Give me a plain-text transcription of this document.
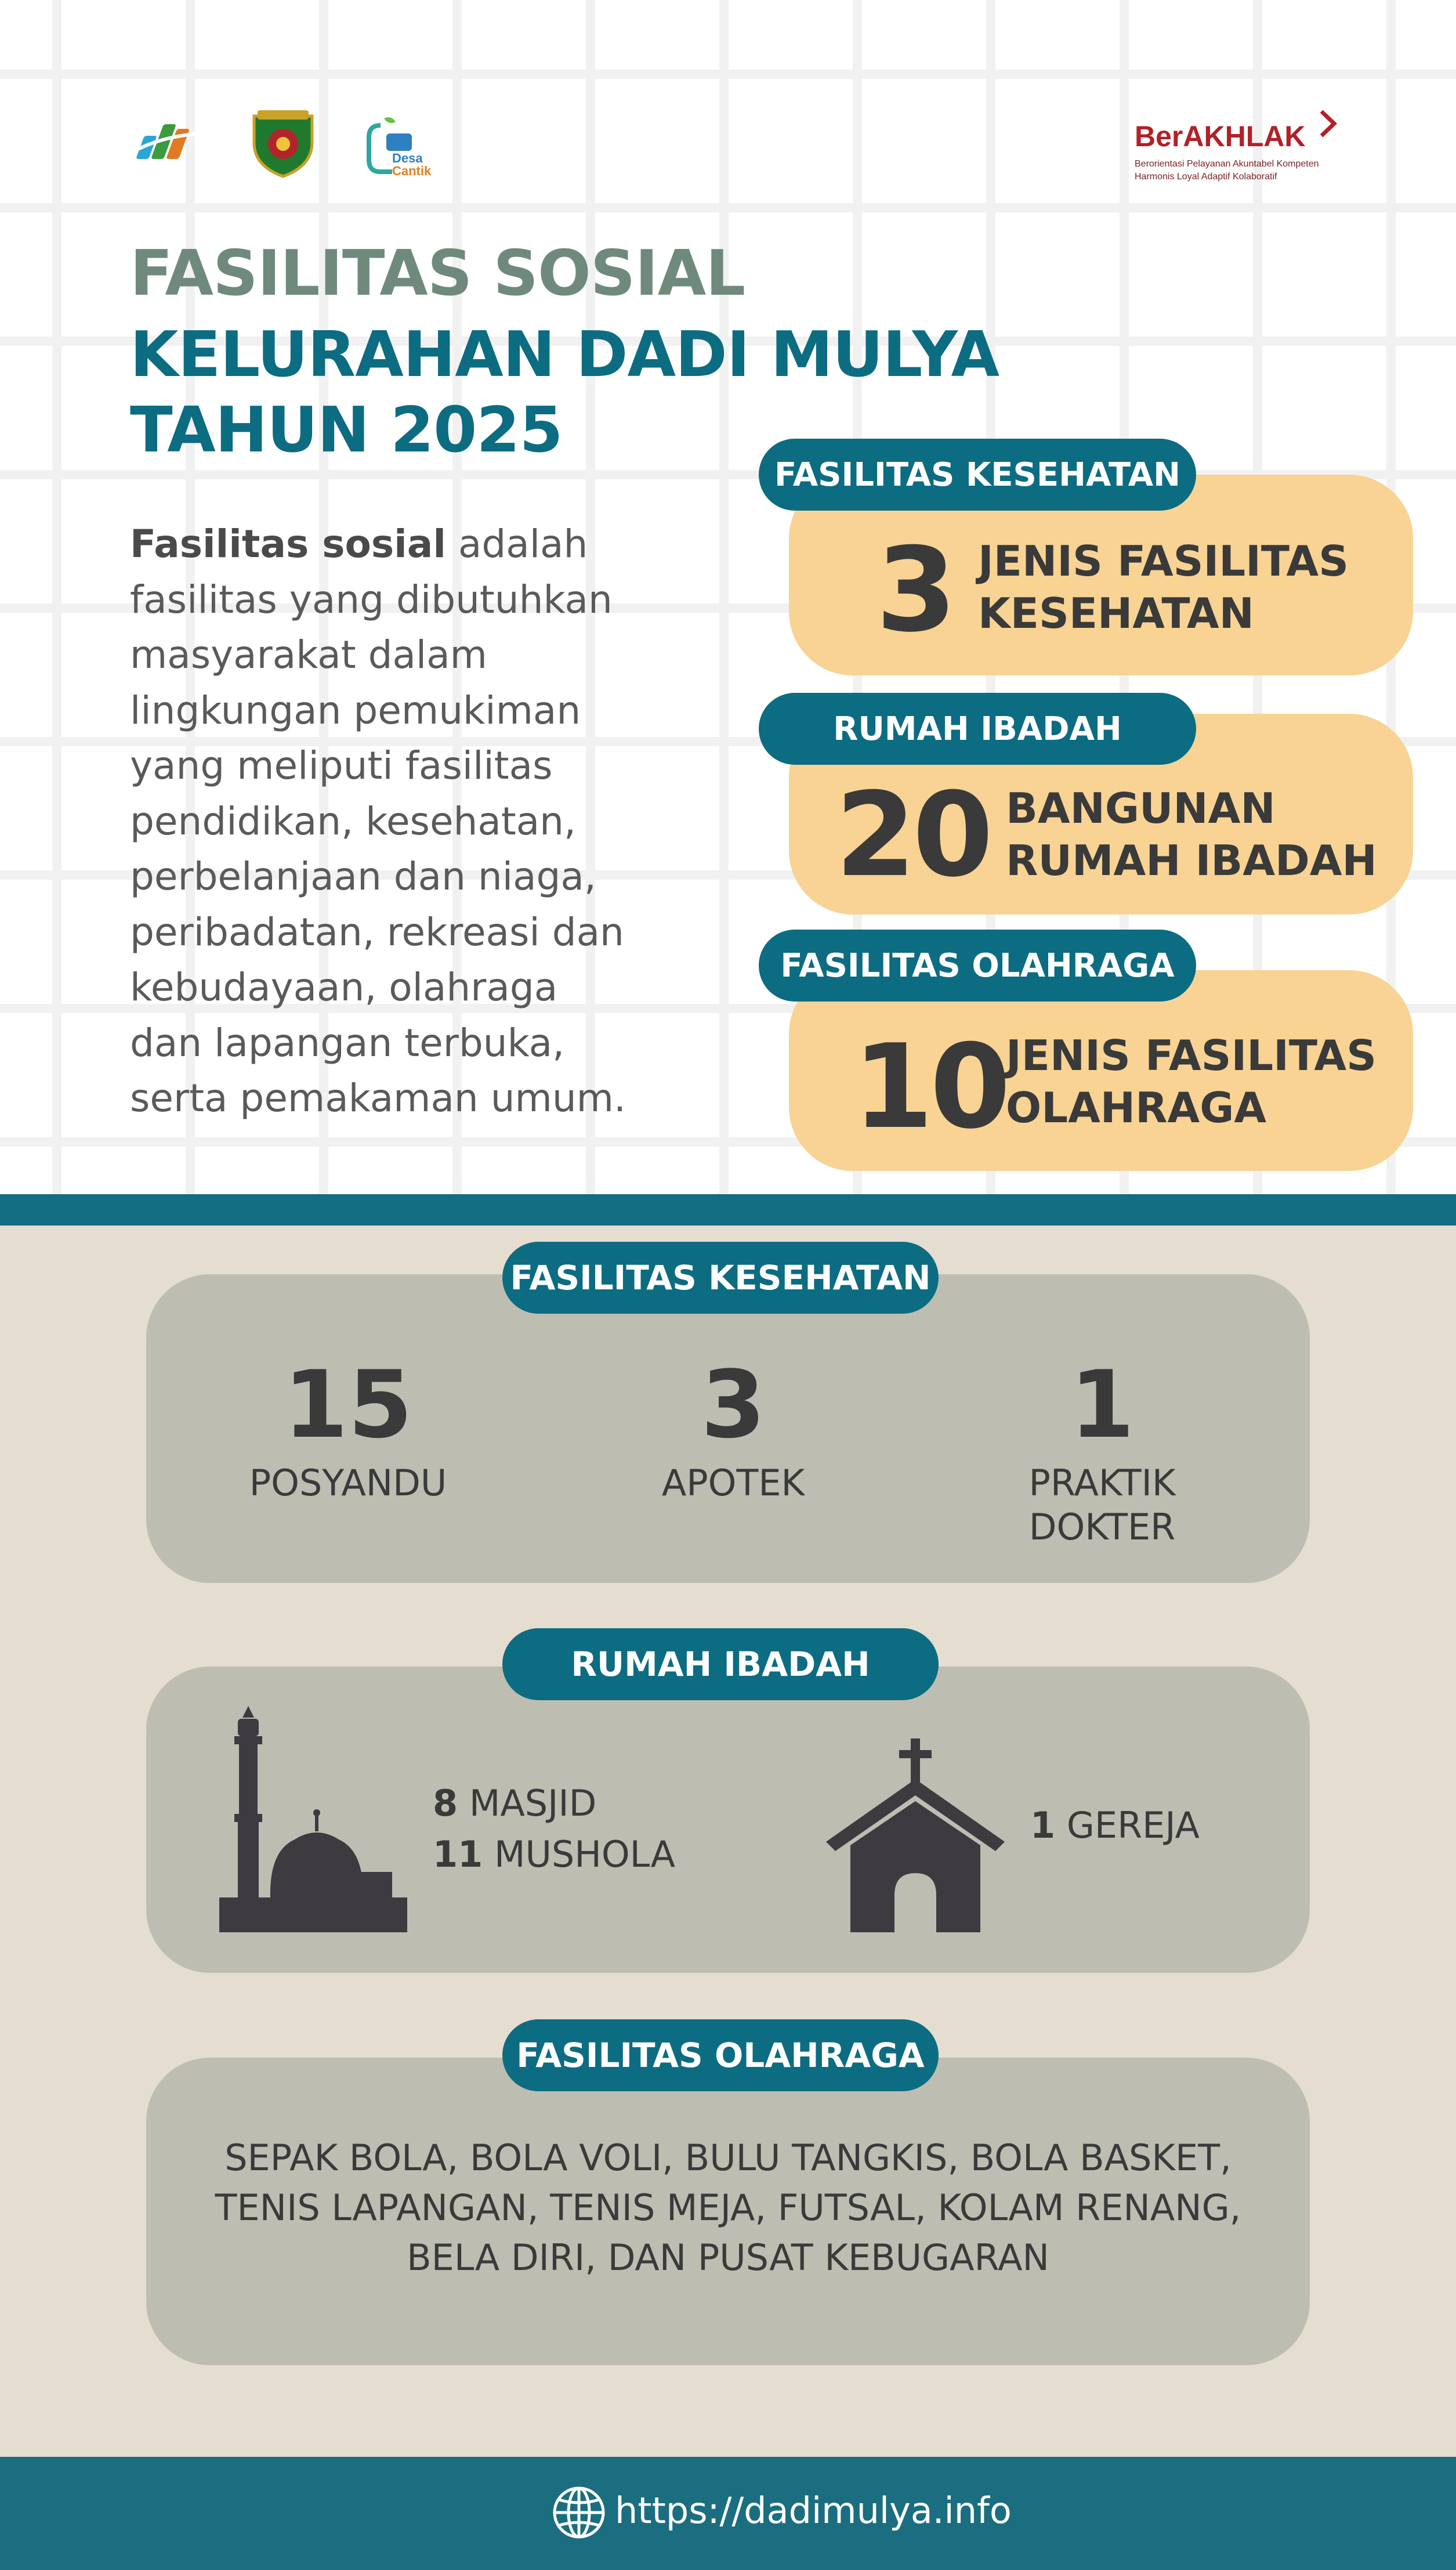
Desa
Cantik
BerAKHLAK
Berorientasi Pelayanan Akuntabel Kompeten
Harmonis Loyal Adaptif Kolaboratif
FASILITAS SOSIAL
KELURAHAN DADI MULYA
TAHUN 2025
Fasilitas sosial adalah
fasilitas yang dibutuhkan
masyarakat dalam
lingkungan pemukiman
yang meliputi fasilitas
pendidikan, kesehatan,
perbelanjaan dan niaga,
peribadatan, rekreasi dan
kebudayaan, olahraga
dan lapangan terbuka,
serta pemakaman umum.
FASILITAS KESEHATAN
3 JENIS FASILITAS
KESEHATAN
RUMAH IBADAH
20 BANGUNAN
RUMAH IBADAH
FASILITAS OLAHRAGA
10
JENIS FASILITAS
OLAHRAGA
FASILITAS KESEHATAN
15
POSYANDU
3
APOTEK
1
PRAKTIK
DOKTER
RUMAH IBADAH
8 MASJID
11 MUSHOLA
1 GEREJA
FASILITAS OLAHRAGA
SEPAK BOLA, BOLA VOLI, BULU TANGKIS, BOLA BASKET,
TENIS LAPANGAN, TENIS MEJA, FUTSAL, KOLAM RENANG,
BELA DIRI, DAN PUSAT KEBUGARAN
https://dadimulya.info
